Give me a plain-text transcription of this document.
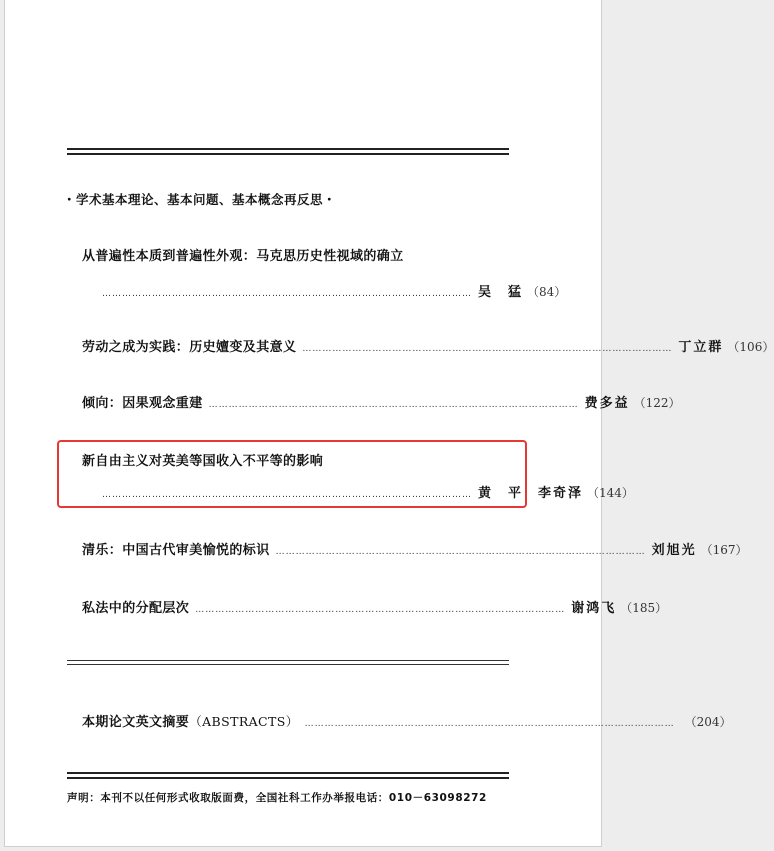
・学术基本理论、基本问题、基本概念再反思・
从普遍性本质到普遍性外观：马克思历史性视域的确立
………………………………………………………………………………………………… 吴　猛 （84）
劳动之成为实践：历史嬗变及其意义 ………………………………………………………………………………………………… 丁立群 （106）
倾向：因果观念重建 ………………………………………………………………………………………………… 费多益 （122）
新自由主义对英美等国收入不平等的影响
………………………………………………………………………………………………… 黄　平　李奇泽 （144）
清乐：中国古代审美愉悦的标识 ………………………………………………………………………………………………… 刘旭光 （167）
私法中的分配层次 ………………………………………………………………………………………………… 谢鸿飞 （185）
本期论文英文摘要 （ABSTRACTS） ………………………………………………………………………………………………… （204）
声明：本刊不以任何形式收取版面费，全国社科工作办举报电话：010－63098272
